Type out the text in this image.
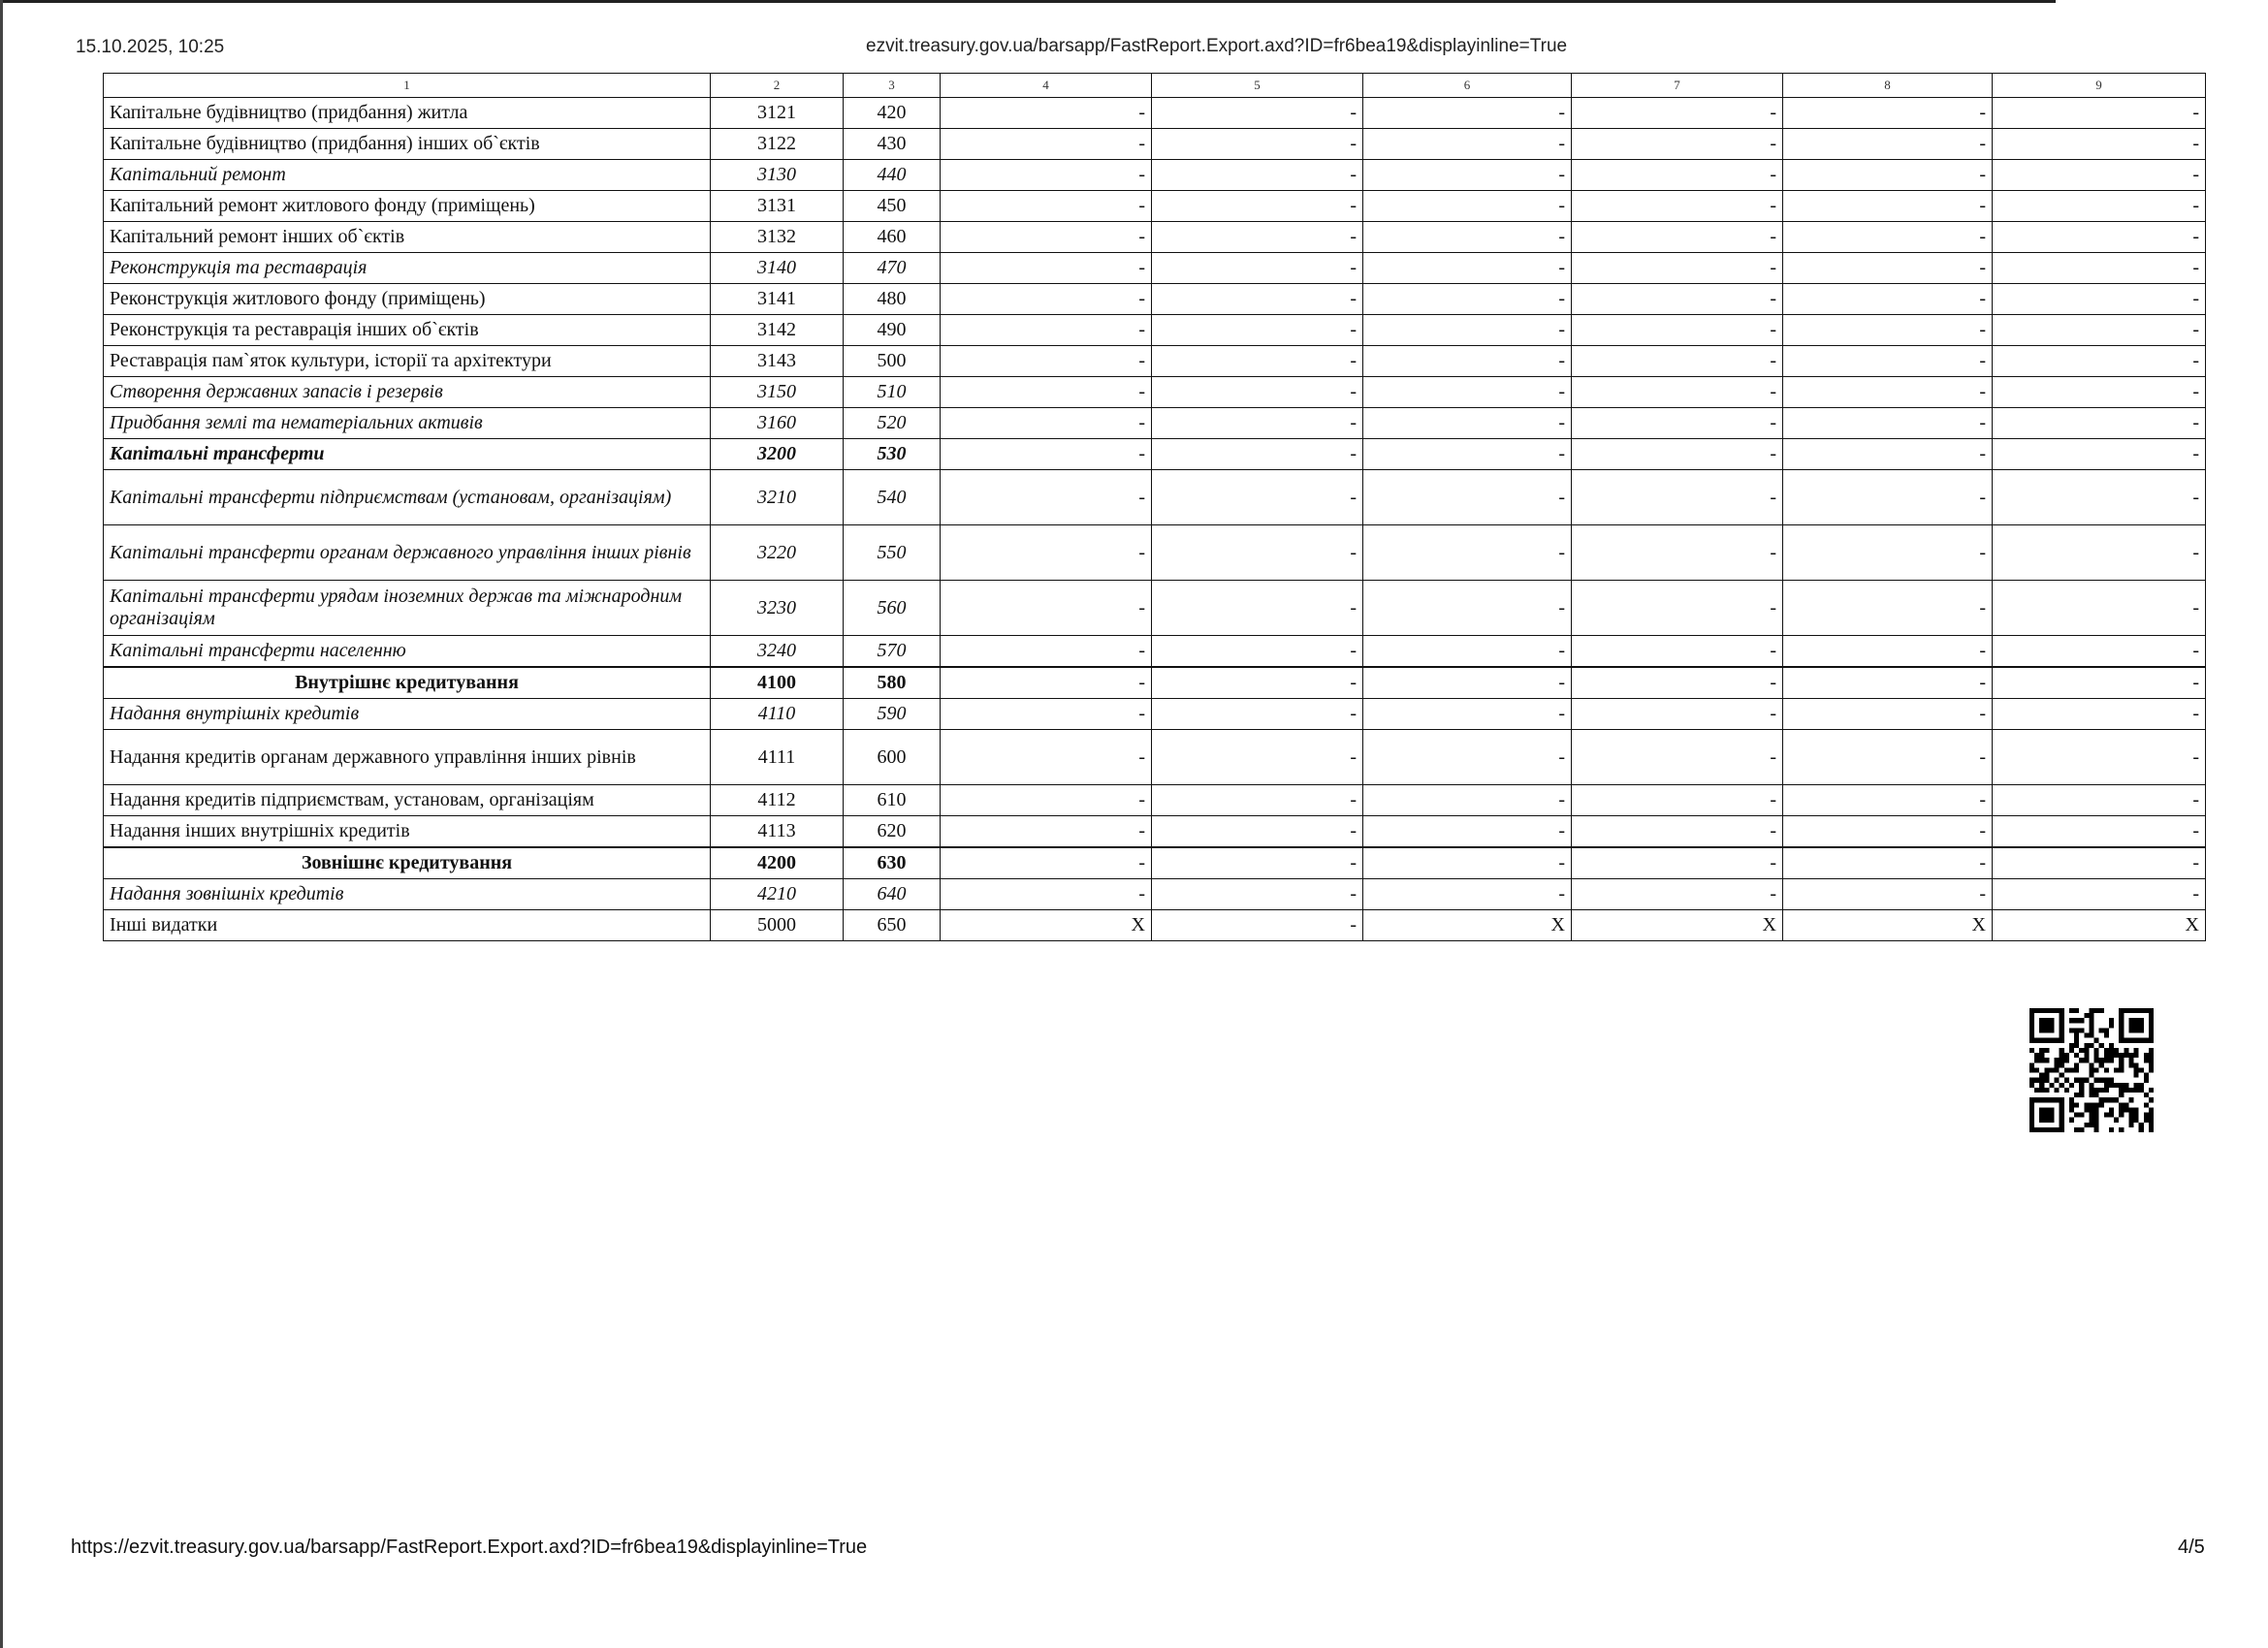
15.10.2025, 10:25	ezvit.treasury.gov.ua/barsapp/FastReport.Export.axd?ID=fr6bea19&displayinline=True
1	2	3	4	5	6	7	8	9
Капітальне будівництво (придбання) житла	3121	420	-	-	-	-	-	-
Капітальне будівництво (придбання) інших об`єктів	3122	430	-	-	-	-	-	-
Капітальний ремонт	3130	440	-	-	-	-	-	-
Капітальний ремонт житлового фонду (приміщень)	3131	450	-	-	-	-	-	-
Капітальний ремонт інших об`єктів	3132	460	-	-	-	-	-	-
Реконструкція та реставрація	3140	470	-	-	-	-	-	-
Реконструкція житлового фонду (приміщень)	3141	480	-	-	-	-	-	-
Реконструкція та реставрація інших об`єктів	3142	490	-	-	-	-	-	-
Реставрація пам`яток культури, історії та архітектури	3143	500	-	-	-	-	-	-
Створення державних запасів і резервів	3150	510	-	-	-	-	-	-
Придбання землі та нематеріальних активів	3160	520	-	-	-	-	-	-
Капітальні трансферти	3200	530	-	-	-	-	-	-
Капітальні трансферти підприємствам (установам, організаціям)	3210	540	-	-	-	-	-	-
Капітальні трансферти органам державного управління інших рівнів	3220	550	-	-	-	-	-	-
Капітальні трансферти урядам іноземних держав та міжнародним організаціям	3230	560	-	-	-	-	-	-
Капітальні трансферти населенню	3240	570	-	-	-	-	-	-
Внутрішнє кредитування	4100	580	-	-	-	-	-	-
Надання внутрішніх кредитів	4110	590	-	-	-	-	-	-
Надання кредитів органам державного управління інших рівнів	4111	600	-	-	-	-	-	-
Надання кредитів підприємствам, установам, організаціям	4112	610	-	-	-	-	-	-
Надання інших внутрішніх кредитів	4113	620	-	-	-	-	-	-
Зовнішнє кредитування	4200	630	-	-	-	-	-	-
Надання зовнішніх кредитів	4210	640	-	-	-	-	-	-
Інші видатки	5000	650	X	-	X	X	X	X
https://ezvit.treasury.gov.ua/barsapp/FastReport.Export.axd?ID=fr6bea19&displayinline=True	4/5
